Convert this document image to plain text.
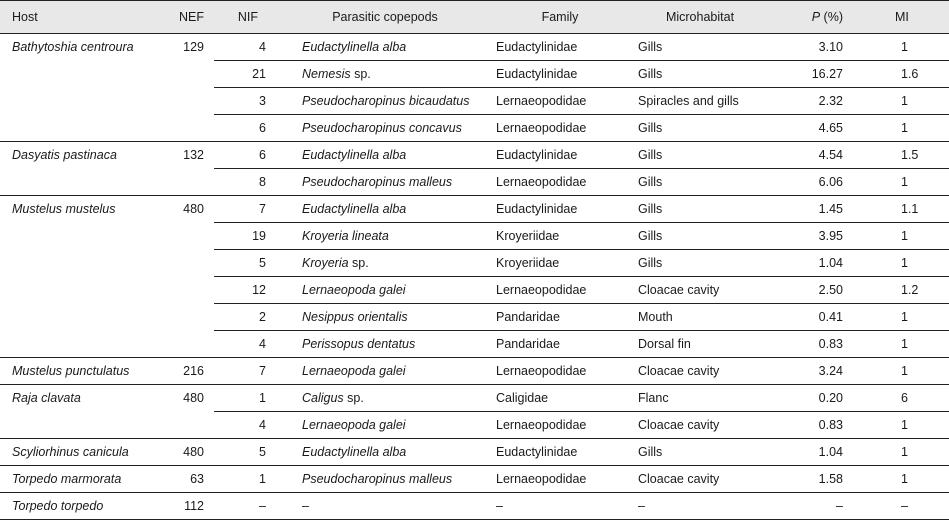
Host	NEF	NIF	Parasitic copepods	Family	Microhabitat	P (%)	MI
Bathytoshia centroura	129	4	Eudactylinella alba	Eudactylinidae	Gills	3.10	1
		21	Nemesis sp.	Eudactylinidae	Gills	16.27	1.6
		3	Pseudocharopinus bicaudatus	Lernaeopodidae	Spiracles and gills	2.32	1
		6	Pseudocharopinus concavus	Lernaeopodidae	Gills	4.65	1
Dasyatis pastinaca	132	6	Eudactylinella alba	Eudactylinidae	Gills	4.54	1.5
		8	Pseudocharopinus malleus	Lernaeopodidae	Gills	6.06	1
Mustelus mustelus	480	7	Eudactylinella alba	Eudactylinidae	Gills	1.45	1.1
		19	Kroyeria lineata	Kroyeriidae	Gills	3.95	1
		5	Kroyeria sp.	Kroyeriidae	Gills	1.04	1
		12	Lernaeopoda galei	Lernaeopodidae	Cloacae cavity	2.50	1.2
		2	Nesippus orientalis	Pandaridae	Mouth	0.41	1
		4	Perissopus dentatus	Pandaridae	Dorsal fin	0.83	1
Mustelus punctulatus	216	7	Lernaeopoda galei	Lernaeopodidae	Cloacae cavity	3.24	1
Raja clavata	480	1	Caligus sp.	Caligidae	Flanc	0.20	6
		4	Lernaeopoda galei	Lernaeopodidae	Cloacae cavity	0.83	1
Scyliorhinus canicula	480	5	Eudactylinella alba	Eudactylinidae	Gills	1.04	1
Torpedo marmorata	63	1	Pseudocharopinus malleus	Lernaeopodidae	Cloacae cavity	1.58	1
Torpedo torpedo	112	–	–	–	–	–	–
